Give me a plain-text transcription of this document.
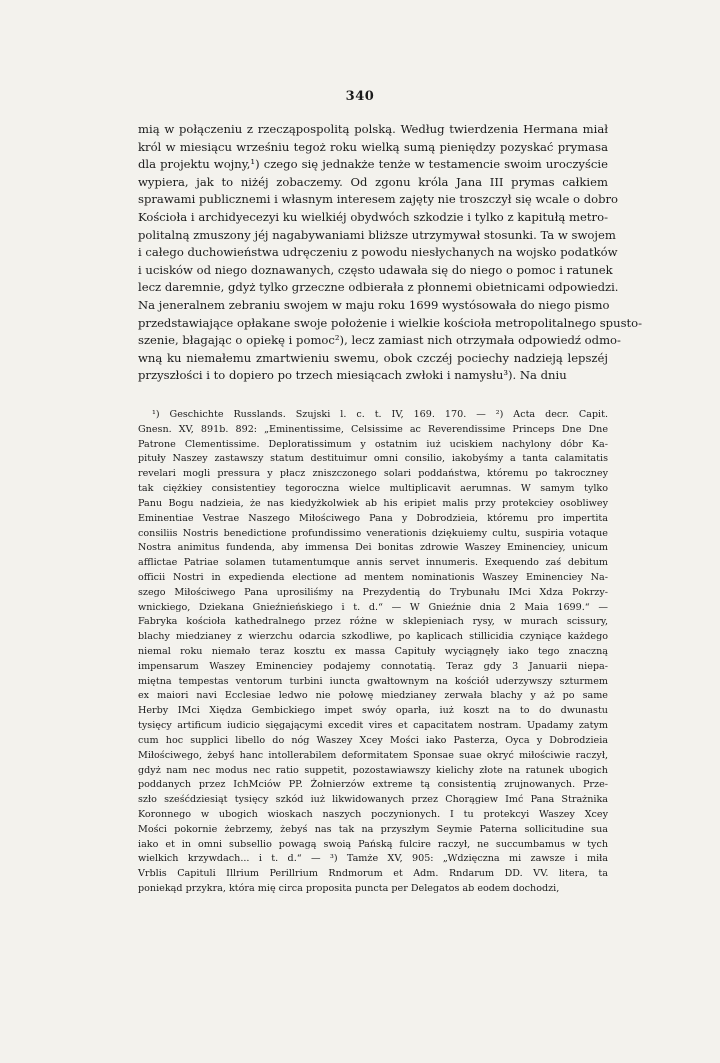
340
mią w połączeniu z rzecząpospolitą polską. Według twierdzenia Hermana miał
król w miesiącu wrześniu tegoż roku wielką sumą pieniędzy pozyskać prymasa
dla projektu wojny,¹) czego się jednakże tenże w testamencie swoim uroczyście
wypiera, jak to niżéj zobaczemy. Od zgonu króla Jana III prymas całkiem
sprawami publicznemi i własnym interesem zajęty nie troszczył się wcale o dobro
Kościoła i archidyecezyi ku wielkiéj obydwóch szkodzie i tylko z kapitułą metro-
politalną zmuszony jéj nagabywaniami bliższe utrzymywał stosunki. Ta w swojem
i całego duchowieństwa udręczeniu z powodu niesłychanych na wojsko podatków
i ucisków od niego doznawanych, często udawała się do niego o pomoc i ratunek
lecz daremnie, gdyż tylko grzeczne odbierała z płonnemi obietnicami odpowiedzi.
Na jeneralnem zebraniu swojem w maju roku 1699 wystósowała do niego pismo
przedstawiające opłakane swoje położenie i wielkie kościoła metropolitalnego spusto-
szenie, błagając o opiekę i pomoc²), lecz zamiast nich otrzymała odpowiedź odmo-
wną ku niemałemu zmartwieniu swemu, obok czczéj pociechy nadzieją lepszéj
przyszłości i to dopiero po trzech miesiącach zwłoki i namysłu³). Na dniu
¹) Geschichte Russlands. Szujski l. c. t. IV, 169. 170. — ²) Acta decr. Capit.
Gnesn. XV, 891b. 892: „Eminentissime, Celsissime ac Reverendissime Princeps Dne Dne
Patrone Clementissime. Deploratissimum y ostatnim iuż uciskiem nachylony dóbr Ka-
pituły Naszey zastawszy statum destituimur omni consilio, iakobyśmy a tanta calamitatis
revelari mogli pressura y płacz zniszczonego solari poddaństwa, któremu po takroczney
tak ciężkiey consistentiey tegoroczna wielce multiplicavit aerumnas. W samym tylko
Panu Bogu nadzieia, że nas kiedyżkolwiek ab his eripiet malis przy protekciey osobliwey
Eminentiae Vestrae Naszego Miłościwego Pana y Dobrodzieia, któremu pro impertita
consiliis Nostris benedictione profundissimo venerationis dziękuiemy cultu, suspiria votaque
Nostra animitus fundenda, aby immensa Dei bonitas zdrowie Waszey Eminenciey, unicum
afflictae Patriae solamen tutamentumque annis servet innumeris. Exequendo zaś debitum
officii Nostri in expedienda electione ad mentem nominationis Waszey Eminenciey Na-
szego Miłościwego Pana uprosiliśmy na Prezydentią do Trybunału IMci Xdza Pokrzy-
wnickiego, Dziekana Gnieźnieńskiego i t. d.“ — W Gnieźnie dnia 2 Maia 1699.“ —
Fabryka kościoła kathedralnego przez różne w sklepieniach rysy, w murach scissury,
blachy miedzianey z wierzchu odarcia szkodliwe, po kaplicach stillicidia czyniące każdego
niemal roku niemało teraz kosztu ex massa Capituły wyciągnęły iako tego znaczną
impensarum Waszey Eminenciey podajemy connotatią. Teraz gdy 3 Januarii niepa-
miętna tempestas ventorum turbini iuncta gwałtownym na kościół uderzywszy szturmem
ex maiori navi Ecclesiae ledwo nie połowę miedzianey zerwała blachy y aż po same
Herby IMci Xiędza Gembickiego impet swóy oparła, iuż koszt na to do dwunastu
tysięcy artificum iudicio sięgającymi excedit vires et capacitatem nostram. Upadamy zatym
cum hoc supplici libello do nóg Waszey Xcey Mości iako Pasterza, Oyca y Dobrodzieia
Miłościwego, żebyś hanc intollerabilem deformitatem Sponsae suae okryć miłościwie raczył,
gdyż nam nec modus nec ratio suppetit, pozostawiawszy kielichy złote na ratunek ubogich
poddanych przez IchMciów PP. Żołnierzów extreme tą consistentią zrujnowanych. Prze-
szło sześćdziesiąt tysięcy szkód iuż likwidowanych przez Chorągiew Imć Pana Strażnika
Koronnego w ubogich wioskach naszych poczynionych. I tu protekcyi Waszey Xcey
Mości pokornie żebrzemy, żebyś nas tak na przyszłym Seymie Paterna sollicitudine sua
iako et in omni subsellio powagą swoią Pańską fulcire raczył, ne succumbamus w tych
wielkich krzywdach... i t. d.“ — ³) Tamże XV, 905: „Wdzięczna mi zawsze i miła
Vrblis Capituli Illrium Perillrium Rndmorum et Adm. Rndarum DD. VV. litera, ta
poniekąd przykra, która mię circa proposita puncta per Delegatos ab eodem dochodzi,
